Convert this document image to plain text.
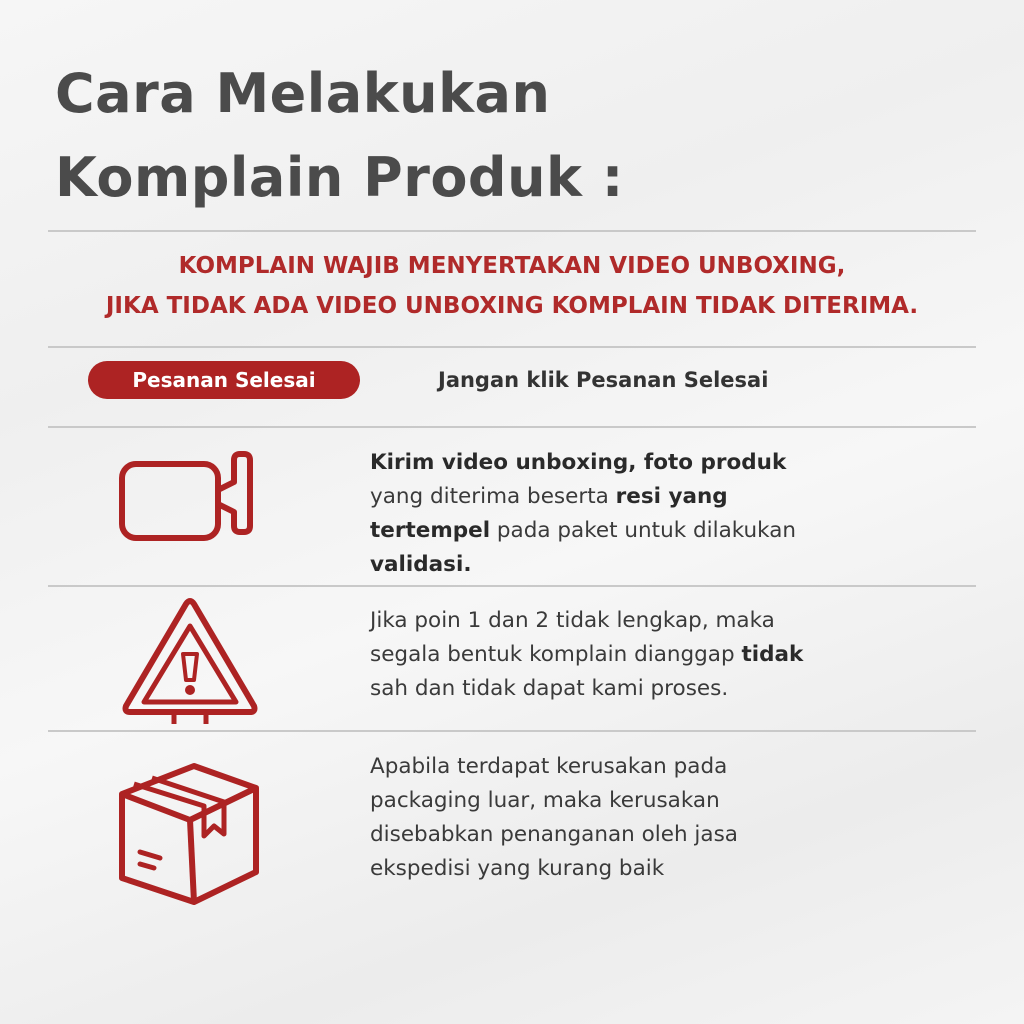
Cara Melakukan
Komplain Produk :
KOMPLAIN WAJIB MENYERTAKAN VIDEO UNBOXING,
JIKA TIDAK ADA VIDEO UNBOXING KOMPLAIN TIDAK DITERIMA.
Pesanan Selesai	Jangan klik Pesanan Selesai
Kirim video unboxing, foto produk
yang diterima beserta resi yang
tertempel pada paket untuk dilakukan
validasi.
Jika poin 1 dan 2 tidak lengkap, maka
segala bentuk komplain dianggap tidak
sah dan tidak dapat kami proses.
Apabila terdapat kerusakan pada
packaging luar, maka kerusakan
disebabkan penanganan oleh jasa
ekspedisi yang kurang baik
